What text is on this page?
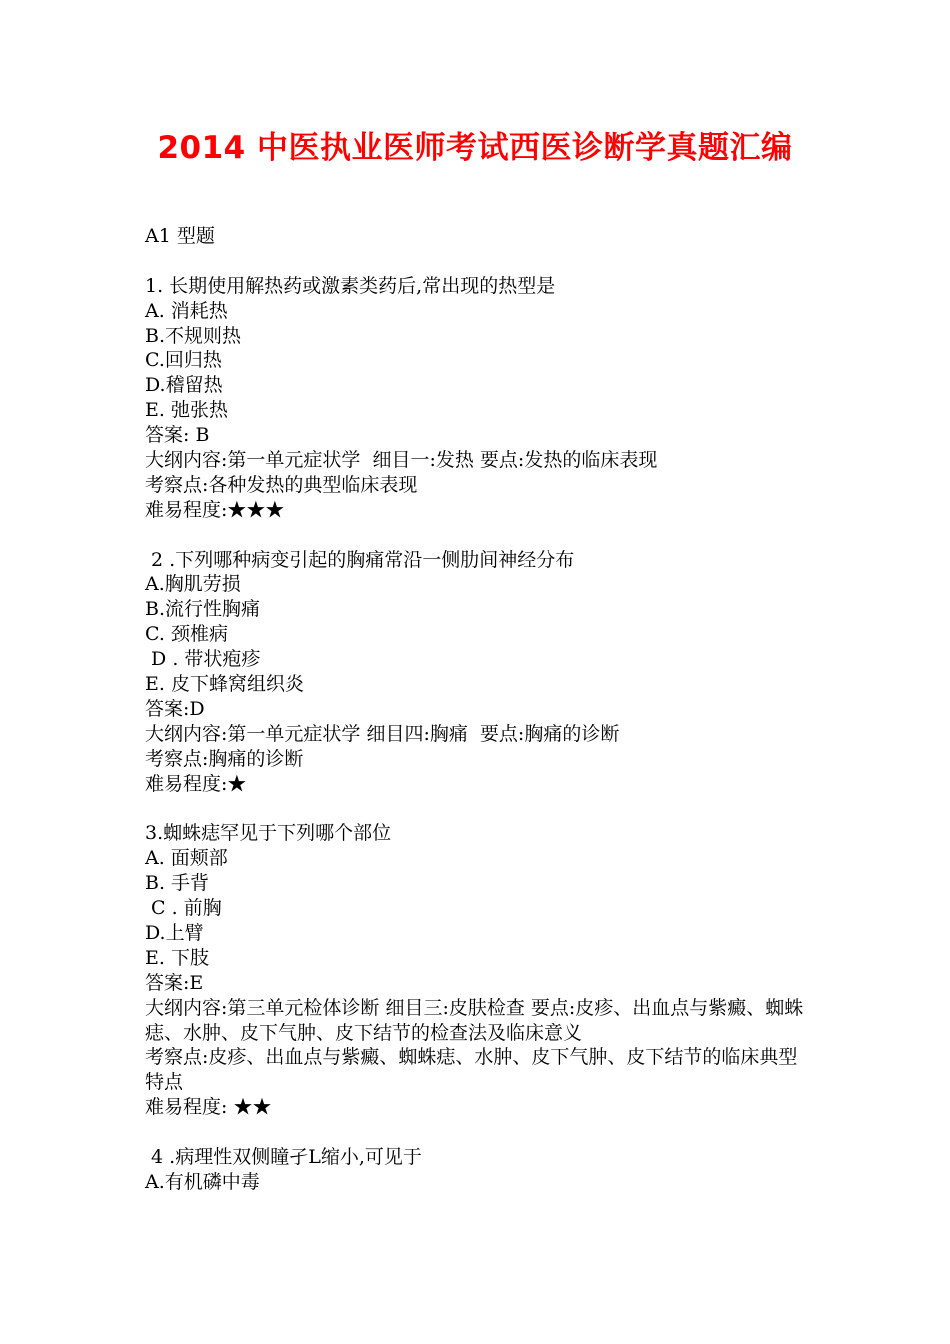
2014 中医执业医师考试西医诊断学真题汇编

A1 型题

1. 长期使用解热药或激素类药后,常出现的热型是

A. 消耗热

B.不规则热

C.回归热

D.稽留热

E. 弛张热

答案: B

大纲内容:第一单元症状学  细目一:发热 要点:发热的临床表现

考察点:各种发热的典型临床表现

难易程度:★★★

2 .下列哪种病变引起的胸痛常沿一侧肋间神经分布

A.胸肌劳损

B.流行性胸痛

C. 颈椎病

D . 带状疱疹

E. 皮下蜂窝组织炎

答案:D

大纲内容:第一单元症状学 细目四:胸痛  要点:胸痛的诊断

考察点:胸痛的诊断

难易程度:★

3.蜘蛛痣罕见于下列哪个部位

A. 面颊部

B. 手背

C . 前胸

D.上臂

E. 下肢

答案:E

大纲内容:第三单元检体诊断 细目三:皮肤检查 要点:皮疹、出血点与紫癜、蜘蛛痣、水肿、皮下气肿、皮下结节的检查法及临床意义

考察点:皮疹、出血点与紫癜、蜘蛛痣、水肿、皮下气肿、皮下结节的临床典型特点

难易程度: ★★

4 .病理性双侧瞳孑L缩小,可见于

A.有机磷中毒
